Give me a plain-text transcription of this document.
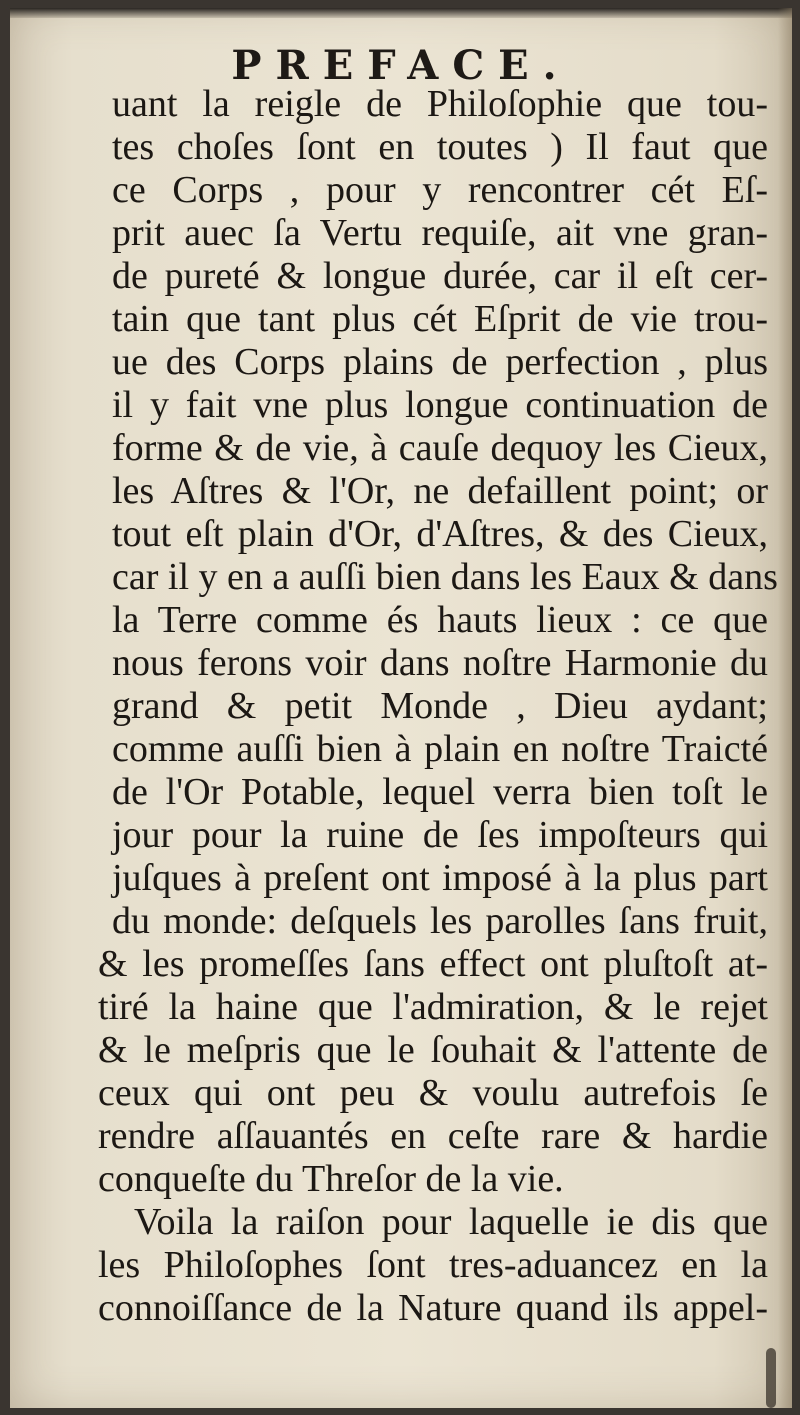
PREFACE.
uant la reigle de Philoſophie que tou-
tes choſes ſont en toutes ) Il faut que
ce Corps , pour y rencontrer cét Eſ-
prit auec ſa Vertu requiſe, ait vne gran-
de pureté & longue durée, car il eſt cer-
tain que tant plus cét Eſprit de vie trou-
ue des Corps plains de perfection , plus
il y fait vne plus longue continuation de
forme & de vie, à cauſe dequoy les Cieux,
les Aſtres & l'Or, ne defaillent point; or
tout eſt plain d'Or, d'Aſtres, & des Cieux,
car il y en a auſſi bien dans les Eaux & dans
la Terre comme és hauts lieux : ce que
nous ferons voir dans noſtre Harmonie du
grand & petit Monde , Dieu aydant;
comme auſſi bien à plain en noſtre Traicté
de l'Or Potable, lequel verra bien toſt le
jour pour la ruine de ſes impoſteurs qui
juſques à preſent ont imposé à la plus part
du monde: deſquels les parolles ſans fruit,
& les promeſſes ſans effect ont pluſtoſt at-
tiré la haine que l'admiration, & le rejet
& le meſpris que le ſouhait & l'attente de
ceux qui ont peu & voulu autrefois ſe
rendre aſſauantés en ceſte rare & hardie
conqueſte du Threſor de la vie.
Voila la raiſon pour laquelle ie dis que
les Philoſophes ſont tres-aduancez en la
connoiſſance de la Nature quand ils appel-
